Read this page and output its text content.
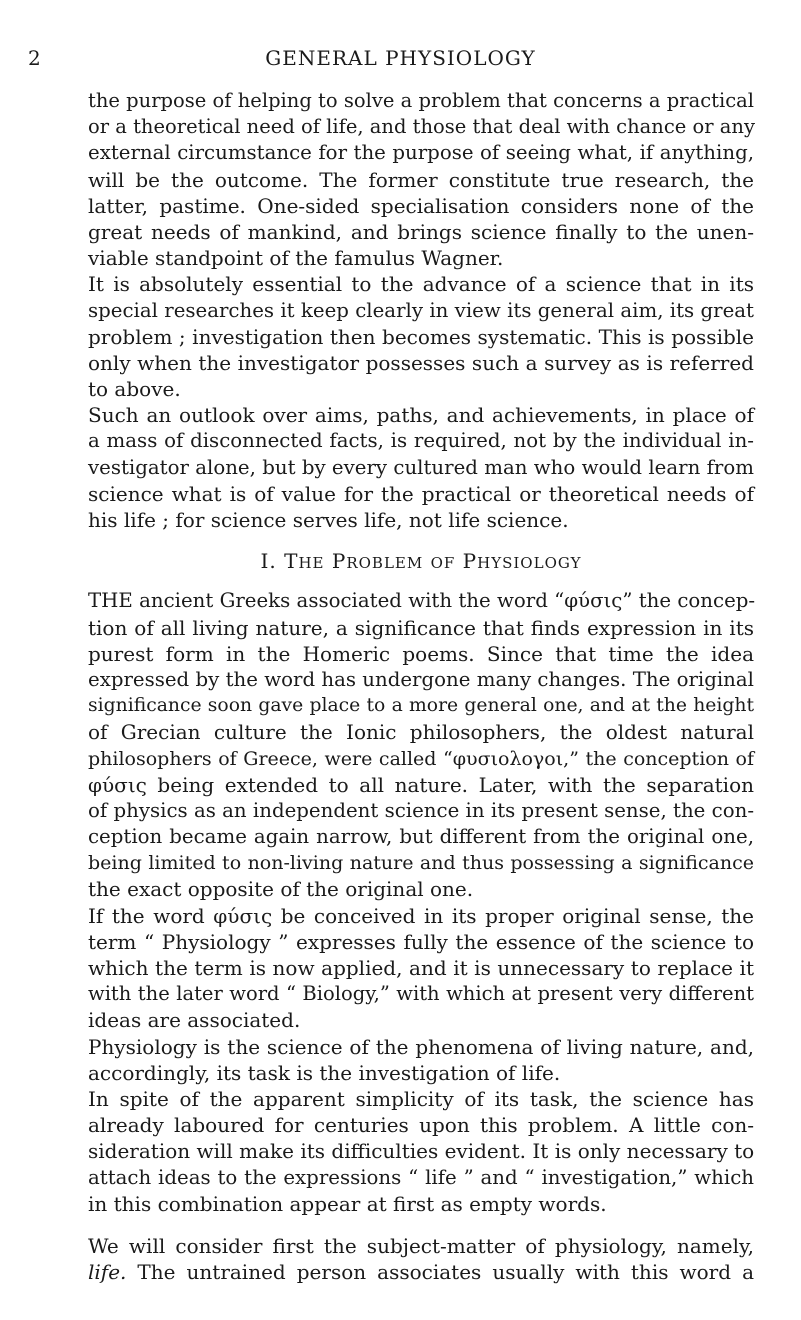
2	GENERAL PHYSIOLOGY
the purpose of helping to solve a problem that concerns a practical
or a theoretical need of life, and those that deal with chance or any
external circumstance for the purpose of seeing what, if anything,
will be the outcome. The former constitute true research, the
latter, pastime. One-sided specialisation considers none of the
great needs of mankind, and brings science finally to the unen-
viable standpoint of the famulus Wagner.
It is absolutely essential to the advance of a science that in its
special researches it keep clearly in view its general aim, its great
problem ; investigation then becomes systematic. This is possible
only when the investigator possesses such a survey as is referred
to above.
Such an outlook over aims, paths, and achievements, in place of
a mass of disconnected facts, is required, not by the individual in-
vestigator alone, but by every cultured man who would learn from
science what is of value for the practical or theoretical needs of
his life ; for science serves life, not life science.
I. THE PROBLEM OF PHYSIOLOGY
THE ancient Greeks associated with the word “φύσις” the concep-
tion of all living nature, a significance that finds expression in its
purest form in the Homeric poems. Since that time the idea
expressed by the word has undergone many changes. The original
significance soon gave place to a more general one, and at the height
of Grecian culture the Ionic philosophers, the oldest natural
philosophers of Greece, were called “φυσιολογοι,” the conception of
φύσις being extended to all nature. Later, with the separation
of physics as an independent science in its present sense, the con-
ception became again narrow, but different from the original one,
being limited to non-living nature and thus possessing a significance
the exact opposite of the original one.
If the word φύσις be conceived in its proper original sense, the
term “ Physiology ” expresses fully the essence of the science to
which the term is now applied, and it is unnecessary to replace it
with the later word “ Biology,” with which at present very different
ideas are associated.
Physiology is the science of the phenomena of living nature, and,
accordingly, its task is the investigation of life.
In spite of the apparent simplicity of its task, the science has
already laboured for centuries upon this problem. A little con-
sideration will make its difficulties evident. It is only necessary to
attach ideas to the expressions “ life ” and “ investigation,” which
in this combination appear at first as empty words.
We will consider first the subject-matter of physiology, namely,
life. The untrained person associates usually with this word a
